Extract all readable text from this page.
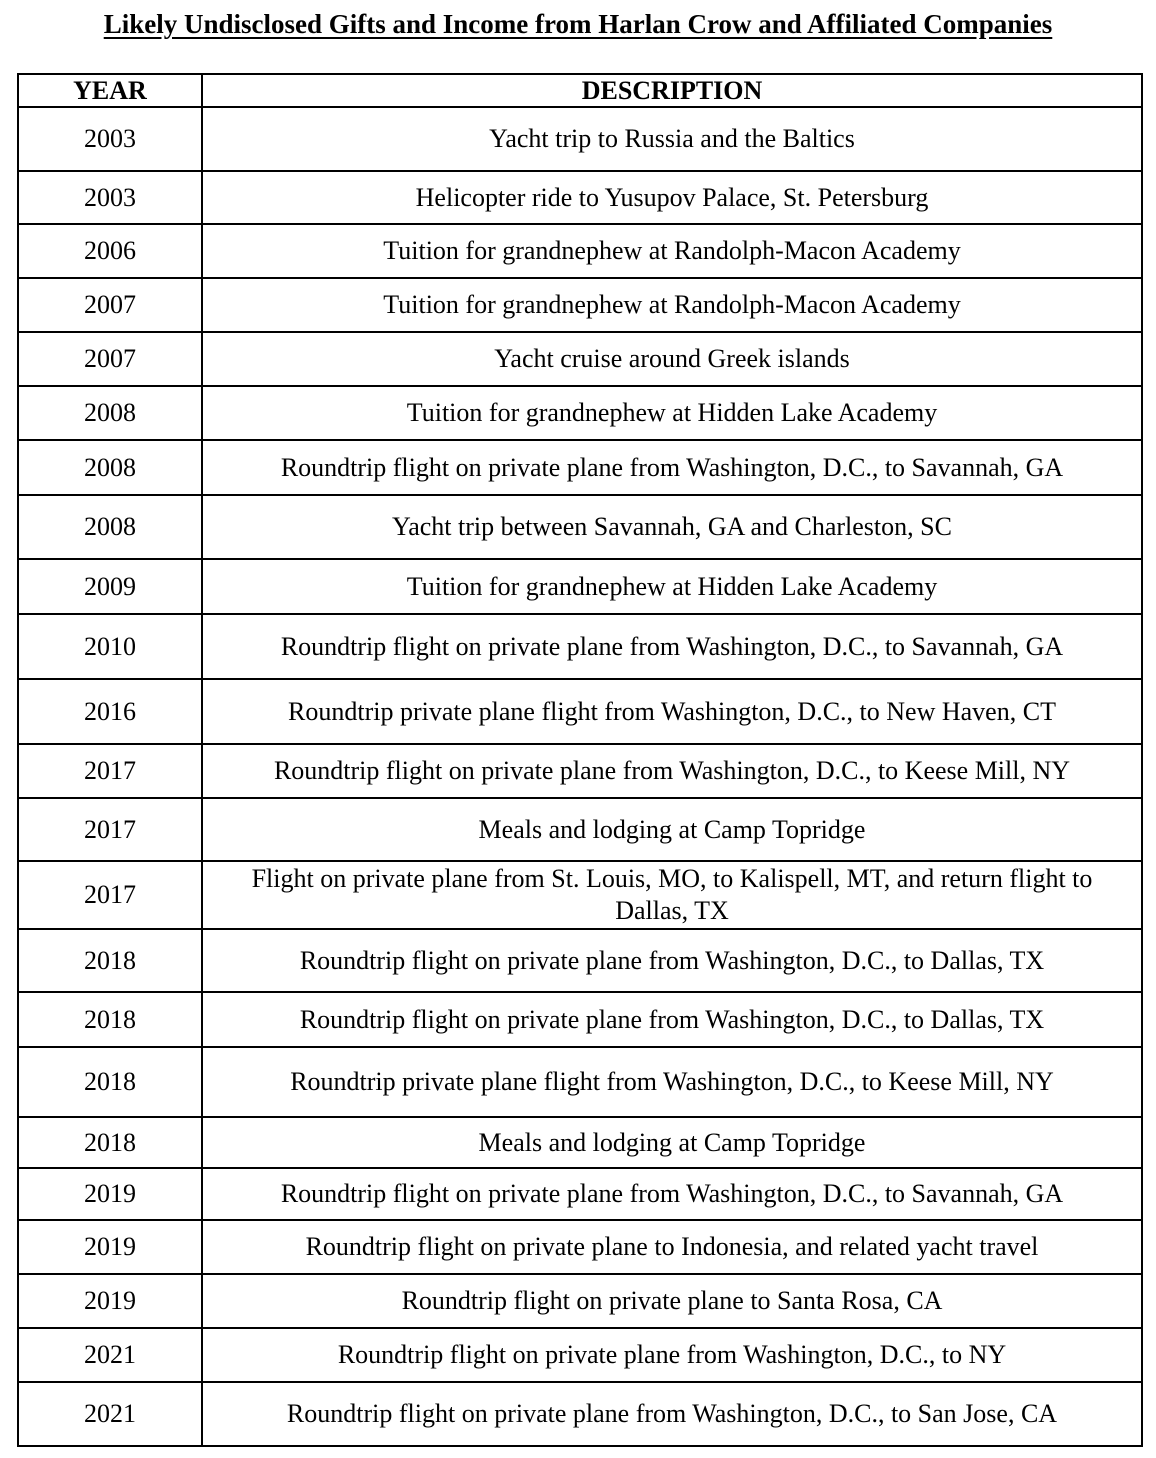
Likely Undisclosed Gifts and Income from Harlan Crow and Affiliated Companies
YEAR	DESCRIPTION
2003	Yacht trip to Russia and the Baltics
2003	Helicopter ride to Yusupov Palace, St. Petersburg
2006	Tuition for grandnephew at Randolph-Macon Academy
2007	Tuition for grandnephew at Randolph-Macon Academy
2007	Yacht cruise around Greek islands
2008	Tuition for grandnephew at Hidden Lake Academy
2008	Roundtrip flight on private plane from Washington, D.C., to Savannah, GA
2008	Yacht trip between Savannah, GA and Charleston, SC
2009	Tuition for grandnephew at Hidden Lake Academy
2010	Roundtrip flight on private plane from Washington, D.C., to Savannah, GA
2016	Roundtrip private plane flight from Washington, D.C., to New Haven, CT
2017	Roundtrip flight on private plane from Washington, D.C., to Keese Mill, NY
2017	Meals and lodging at Camp Topridge
2017	Flight on private plane from St. Louis, MO, to Kalispell, MT, and return flight to Dallas, TX
2018	Roundtrip flight on private plane from Washington, D.C., to Dallas, TX
2018	Roundtrip flight on private plane from Washington, D.C., to Dallas, TX
2018	Roundtrip private plane flight from Washington, D.C., to Keese Mill, NY
2018	Meals and lodging at Camp Topridge
2019	Roundtrip flight on private plane from Washington, D.C., to Savannah, GA
2019	Roundtrip flight on private plane to Indonesia, and related yacht travel
2019	Roundtrip flight on private plane to Santa Rosa, CA
2021	Roundtrip flight on private plane from Washington, D.C., to NY
2021	Roundtrip flight on private plane from Washington, D.C., to San Jose, CA
